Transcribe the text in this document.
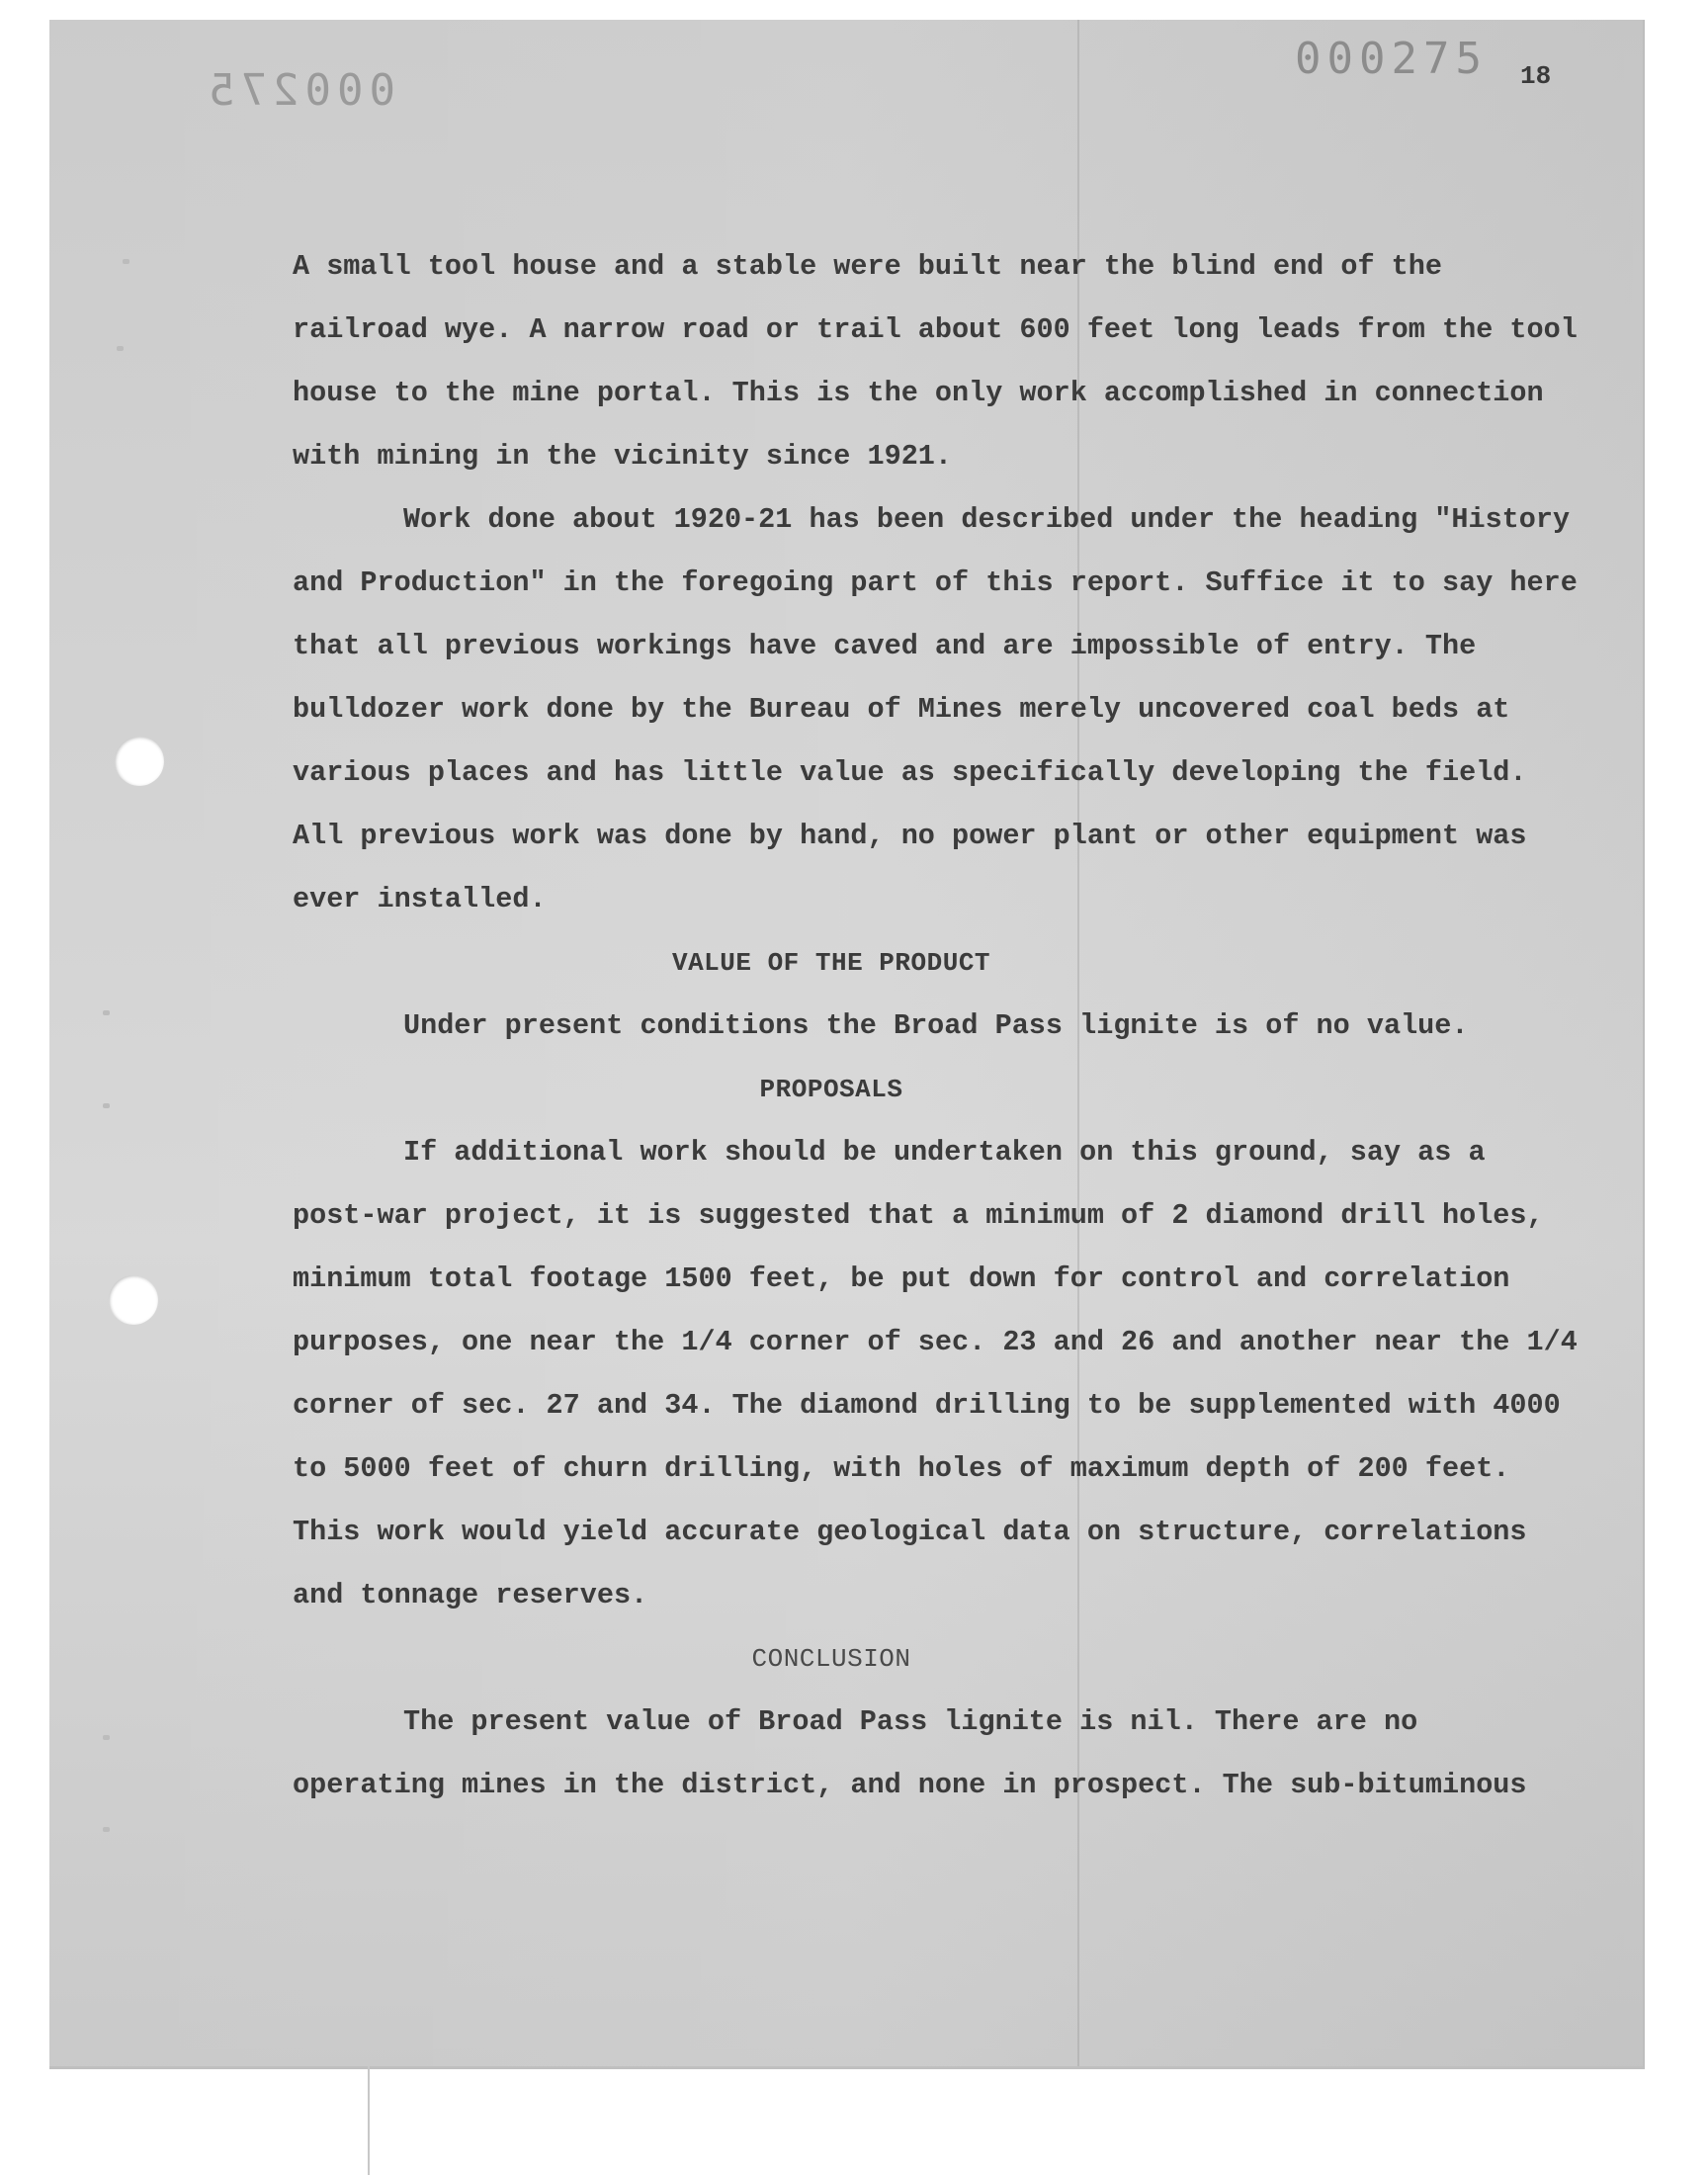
000275
000275 18

A small tool house and a stable were built near the blind end of the railroad wye. A narrow road or trail about 600 feet long leads from the tool house to the mine portal. This is the only work accomplished in connection with mining in the vicinity since 1921.

Work done about 1920-21 has been described under the heading "History and Production" in the foregoing part of this report. Suffice it to say here that all previous workings have caved and are impossible of entry. The bulldozer work done by the Bureau of Mines merely uncovered coal beds at various places and has little value as specifically developing the field. All previous work was done by hand, no power plant or other equipment was ever installed.

VALUE OF THE PRODUCT

Under present conditions the Broad Pass lignite is of no value.

PROPOSALS

If additional work should be undertaken on this ground, say as a post-war project, it is suggested that a minimum of 2 diamond drill holes, minimum total footage 1500 feet, be put down for control and correlation purposes, one near the 1/4 corner of sec. 23 and 26 and another near the 1/4 corner of sec. 27 and 34. The diamond drilling to be supplemented with 4000 to 5000 feet of churn drilling, with holes of maximum depth of 200 feet. This work would yield accurate geological data on structure, correlations and tonnage reserves.

CONCLUSION

The present value of Broad Pass lignite is nil. There are no operating mines in the district, and none in prospect. The sub-bituminous
